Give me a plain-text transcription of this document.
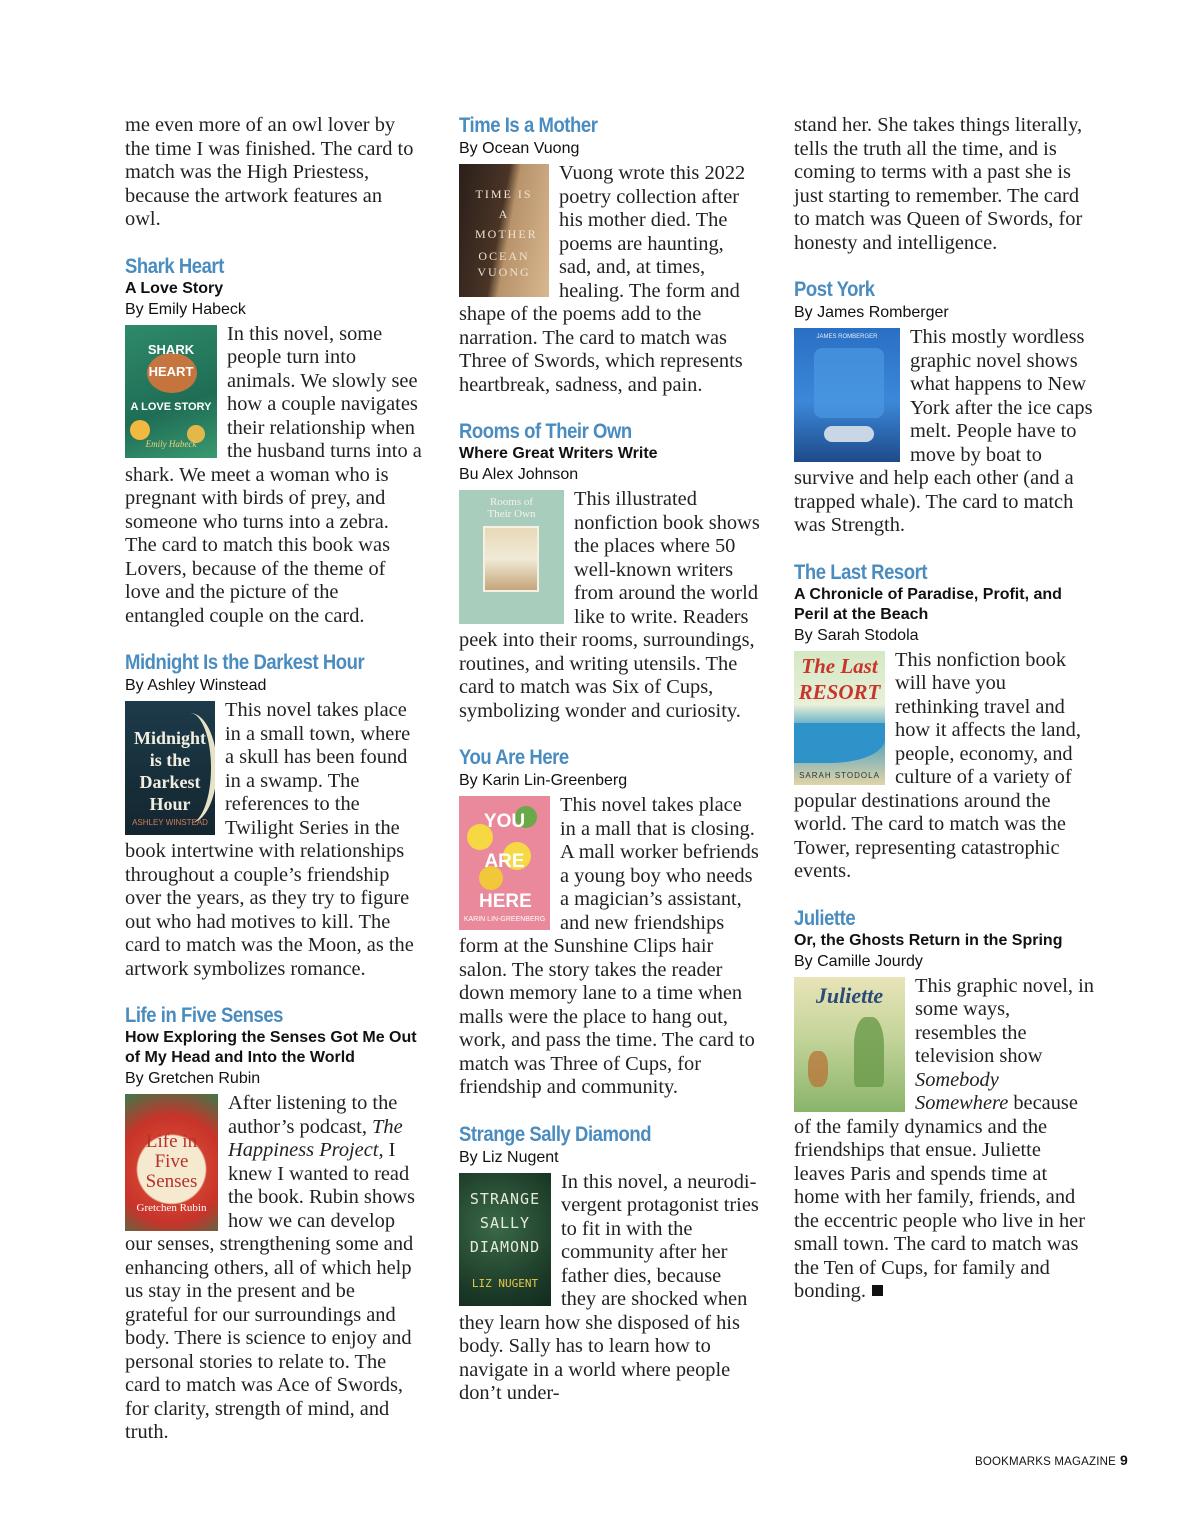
me even more of an owl lover by the time I was finished. The card to match was the High Priestess, because the artwork features an owl.

Shark Heart
A Love Story
By Emily Habeck
SHARK HEART
A LOVE STORY
Emily Habeck

In this novel, some people turn into animals. We slowly see how a couple navigates their relationship when the husband turns into a shark. We meet a woman who is pregnant with birds of prey, and someone who turns into a zebra. The card to match this book was Lovers, because of the theme of love and the picture of the entangled couple on the card.

Midnight Is the Darkest Hour
By Ashley Winstead
Midnight is the Darkest Hour
ASHLEY WINSTEAD

This novel takes place in a small town, where a skull has been found in a swamp. The references to the Twilight Series in the book intertwine with relationships throughout a couple’s friendship over the years, as they try to figure out who had motives to kill. The card to match was the Moon, as the artwork symbolizes romance.

Life in Five Senses
How Exploring the Senses Got Me Out of My Head and Into the World
By Gretchen Rubin
Life in Five Senses
Gretchen Rubin

After listening to the author’s podcast, The Happiness Project, I knew I wanted to read the book. Rubin shows how we can develop our senses, strengthening some and enhancing others, all of which help us stay in the present and be grateful for our surroundings and body. There is science to enjoy and personal stories to relate to. The card to match was Ace of Swords, for clarity, strength of mind, and truth.

Time Is a Mother
By Ocean Vuong
TIME IS A MOTHER
OCEAN VUONG

Vuong wrote this 2022 poetry collection after his mother died. The poems are haunting, sad, and, at times, healing. The form and shape of the poems add to the narration. The card to match was Three of Swords, which represents heartbreak, sadness, and pain.

Rooms of Their Own
Where Great Writers Write
Bu Alex Johnson
Rooms of Their Own

This illustrated nonfiction book shows the places where 50 well-known writers from around the world like to write. Readers peek into their rooms, surroundings, routines, and writing utensils. The card to match was Six of Cups, symbolizing wonder and curiosity.

You Are Here
By Karin Lin-Greenberg
YOU ARE HERE
KARIN LIN-GREENBERG

This novel takes place in a mall that is closing. A mall worker befriends a young boy who needs a magician’s assistant, and new friendships form at the Sunshine Clips hair salon. The story takes the reader down memory lane to a time when malls were the place to hang out, work, and pass the time. The card to match was Three of Cups, for friendship and community.

Strange Sally Diamond
By Liz Nugent
STRANGE SALLY DIAMOND
LIZ NUGENT

In this novel, a neurodi-vergent protagonist tries to fit in with the community after her father dies, because they are shocked when they learn how she disposed of his body. Sally has to learn how to navigate in a world where people don’t under-

stand her. She takes things literally, tells the truth all the time, and is coming to terms with a past she is just starting to remember. The card to match was Queen of Swords, for honesty and intelligence.

Post York
By James Romberger
JAMES ROMBERGER	This mostly wordless graphic novel shows what happens to New York after the ice caps melt. People have to move by boat to survive and help each other (and a trapped whale). The card to match was Strength.

The Last Resort
A Chronicle of Paradise, Profit, and Peril at the Beach
By Sarah Stodola
The Last RESORT
SARAH STODOLA

This nonfiction book will have you rethinking travel and how it affects the land, people, economy, and culture of a variety of popular destinations around the world. The card to match was the Tower, representing catastrophic events.

Juliette
Or, the Ghosts Return in the Spring
By Camille Jourdy
Juliette	This graphic novel, in some ways, resembles the television show Somebody Somewhere because of the family dynamics and the friendships that ensue. Juliette leaves Paris and spends time at home with her family, friends, and the eccentric people who live in her small town. The card to match was the Ten of Cups, for family and bonding.

BOOKMARKS MAGAZINE 9
